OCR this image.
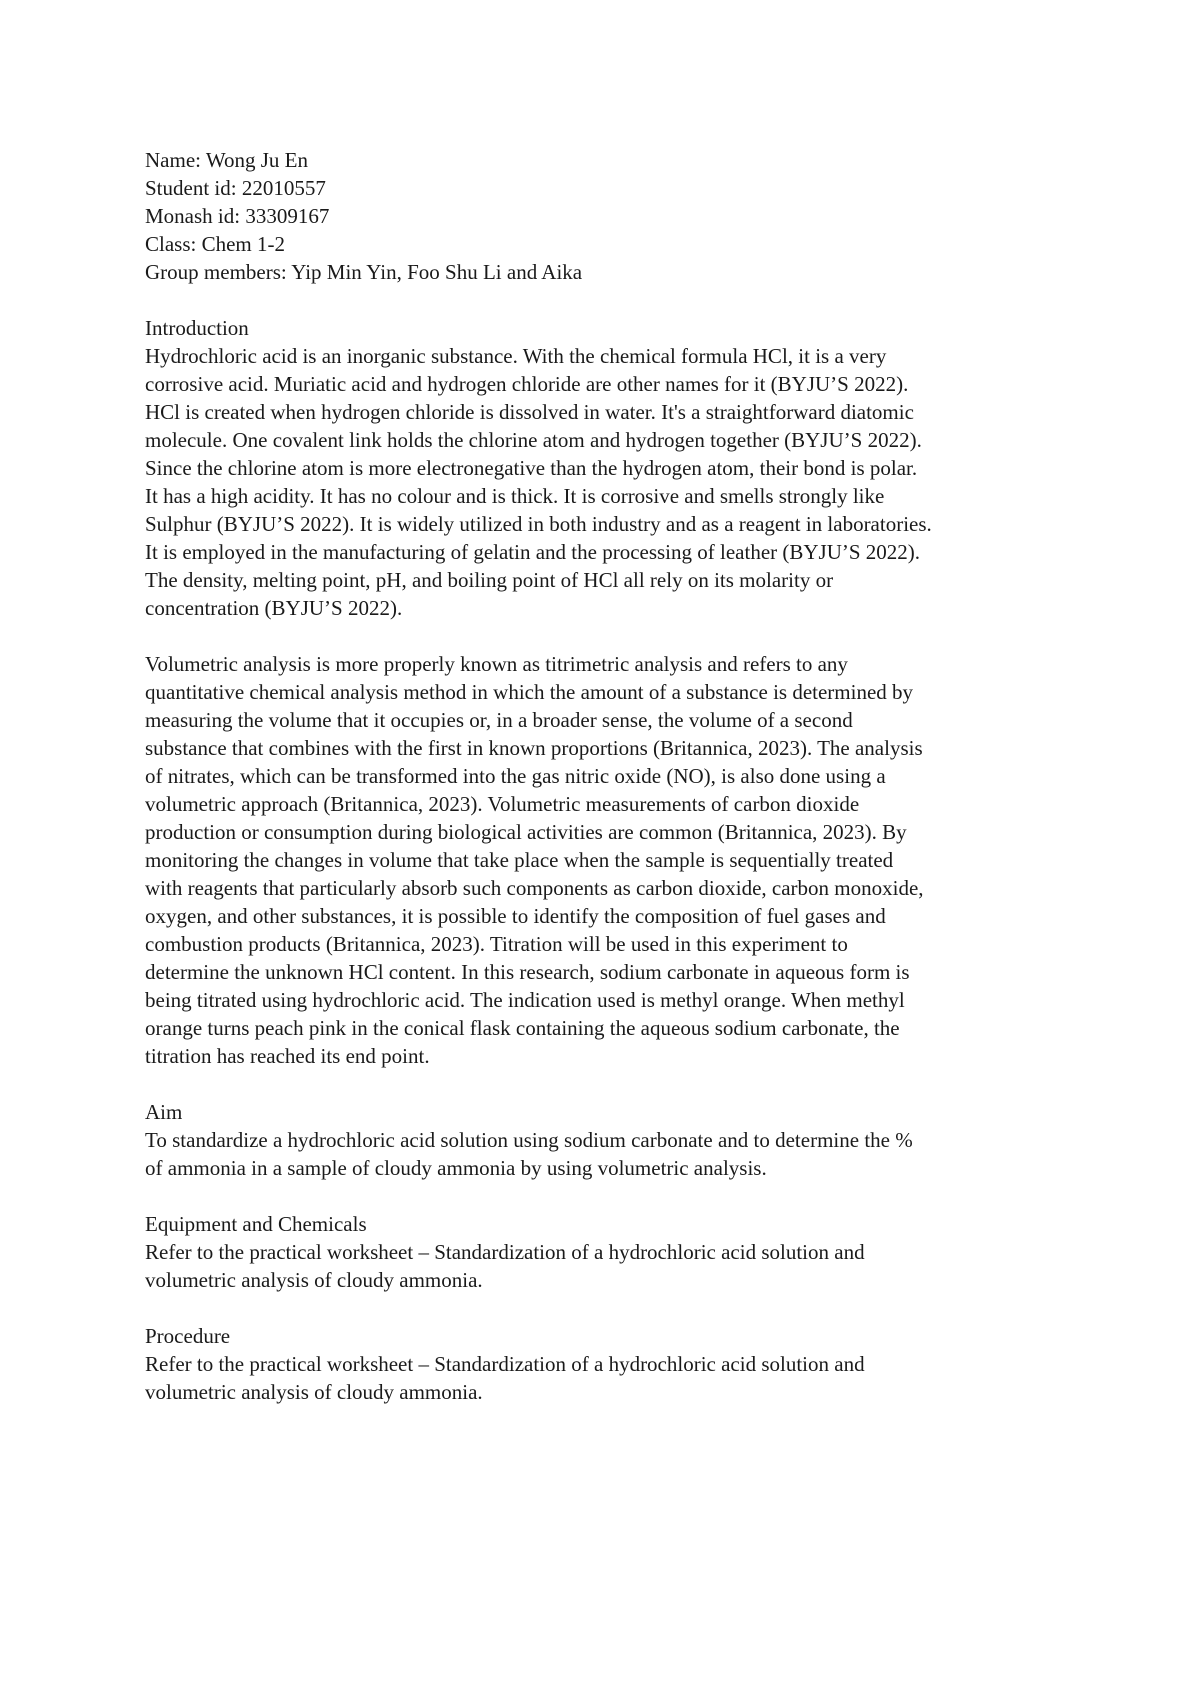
Name: Wong Ju En
Student id: 22010557
Monash id: 33309167
Class: Chem 1-2
Group members: Yip Min Yin, Foo Shu Li and Aika
Introduction
Hydrochloric acid is an inorganic substance. With the chemical formula HCl, it is a very
corrosive acid. Muriatic acid and hydrogen chloride are other names for it (BYJU’S 2022).
HCl is created when hydrogen chloride is dissolved in water. It's a straightforward diatomic
molecule. One covalent link holds the chlorine atom and hydrogen together (BYJU’S 2022).
Since the chlorine atom is more electronegative than the hydrogen atom, their bond is polar.
It has a high acidity. It has no colour and is thick. It is corrosive and smells strongly like
Sulphur (BYJU’S 2022). It is widely utilized in both industry and as a reagent in laboratories.
It is employed in the manufacturing of gelatin and the processing of leather (BYJU’S 2022).
The density, melting point, pH, and boiling point of HCl all rely on its molarity or
concentration (BYJU’S 2022).
Volumetric analysis is more properly known as titrimetric analysis and refers to any
quantitative chemical analysis method in which the amount of a substance is determined by
measuring the volume that it occupies or, in a broader sense, the volume of a second
substance that combines with the first in known proportions (Britannica, 2023). The analysis
of nitrates, which can be transformed into the gas nitric oxide (NO), is also done using a
volumetric approach (Britannica, 2023). Volumetric measurements of carbon dioxide
production or consumption during biological activities are common (Britannica, 2023). By
monitoring the changes in volume that take place when the sample is sequentially treated
with reagents that particularly absorb such components as carbon dioxide, carbon monoxide,
oxygen, and other substances, it is possible to identify the composition of fuel gases and
combustion products (Britannica, 2023). Titration will be used in this experiment to
determine the unknown HCl content. In this research, sodium carbonate in aqueous form is
being titrated using hydrochloric acid. The indication used is methyl orange. When methyl
orange turns peach pink in the conical flask containing the aqueous sodium carbonate, the
titration has reached its end point.
Aim
To standardize a hydrochloric acid solution using sodium carbonate and to determine the %
of ammonia in a sample of cloudy ammonia by using volumetric analysis.
Equipment and Chemicals
Refer to the practical worksheet – Standardization of a hydrochloric acid solution and
volumetric analysis of cloudy ammonia.
Procedure
Refer to the practical worksheet – Standardization of a hydrochloric acid solution and
volumetric analysis of cloudy ammonia.
